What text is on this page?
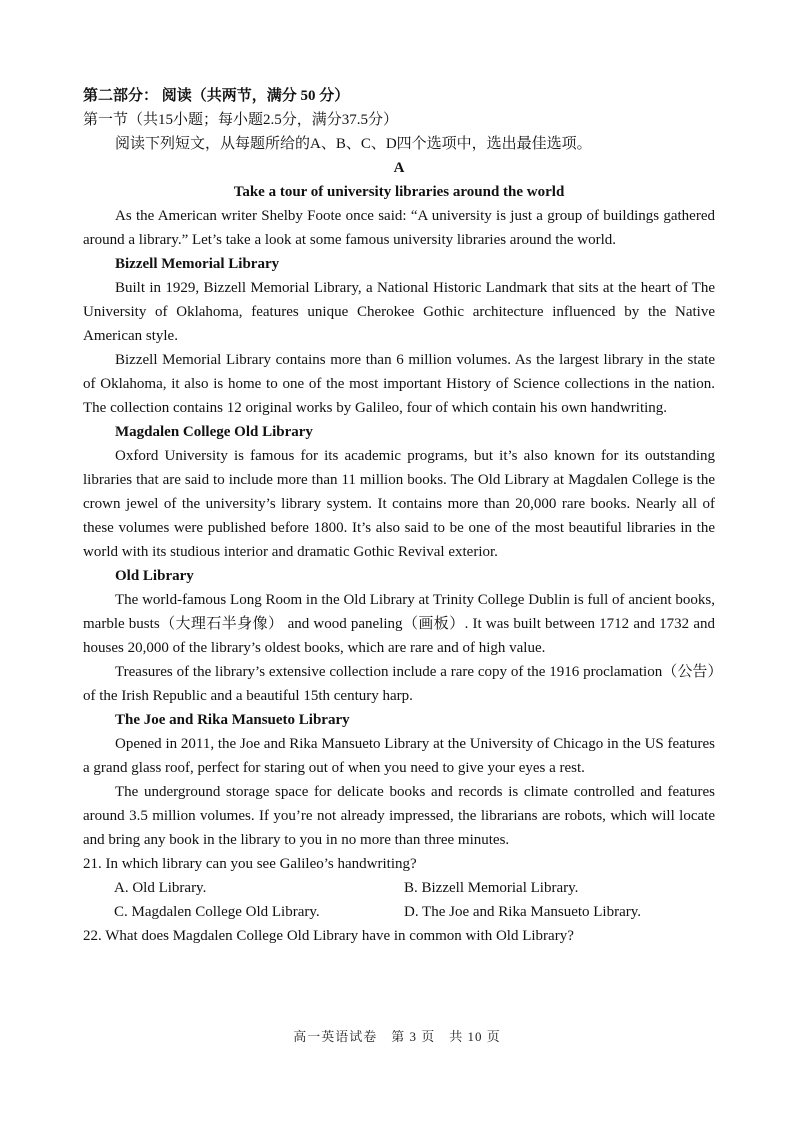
第二部分： 阅读（共两节，满分 50 分）

第一节（共15小题；每小题2.5分，满分37.5分）

阅读下列短文，从每题所给的A、B、C、D四个选项中，选出最佳选项。

A

Take a tour of university libraries around the world

As the American writer Shelby Foote once said: “A university is just a group of buildings gathered around a library.” Let’s take a look at some famous university libraries around the world.

Bizzell Memorial Library

Built in 1929, Bizzell Memorial Library, a National Historic Landmark that sits at the heart of The University of Oklahoma, features unique Cherokee Gothic architecture influenced by the Native American style.

Bizzell Memorial Library contains more than 6 million volumes. As the largest library in the state of Oklahoma, it also is home to one of the most important History of Science collections in the nation. The collection contains 12 original works by Galileo, four of which contain his own handwriting.

Magdalen College Old Library

Oxford University is famous for its academic programs, but it’s also known for its outstanding libraries that are said to include more than 11 million books. The Old Library at Magdalen College is the crown jewel of the university’s library system. It contains more than 20,000 rare books. Nearly all of these volumes were published before 1800. It’s also said to be one of the most beautiful libraries in the world with its studious interior and dramatic Gothic Revival exterior.

Old Library

The world-famous Long Room in the Old Library at Trinity College Dublin is full of ancient books, marble busts（大理石半身像） and wood paneling（画板）. It was built between 1712 and 1732 and houses 20,000 of the library’s oldest books, which are rare and of high value.

Treasures of the library’s extensive collection include a rare copy of the 1916 proclamation（公告）of the Irish Republic and a beautiful 15th century harp.

The Joe and Rika Mansueto Library

Opened in 2011, the Joe and Rika Mansueto Library at the University of Chicago in the US features a grand glass roof, perfect for staring out of when you need to give your eyes a rest.

The underground storage space for delicate books and records is climate controlled and features around 3.5 million volumes. If you’re not already impressed, the librarians are robots, which will locate and bring any book in the library to you in no more than three minutes.

21. In which library can you see Galileo’s handwriting?

A. Old Library.	B. Bizzell Memorial Library.
C. Magdalen College Old Library.	D. The Joe and Rika Mansueto Library.

22. What does Magdalen College Old Library have in common with Old Library?

高一英语试卷　第 3 页　共 10 页
